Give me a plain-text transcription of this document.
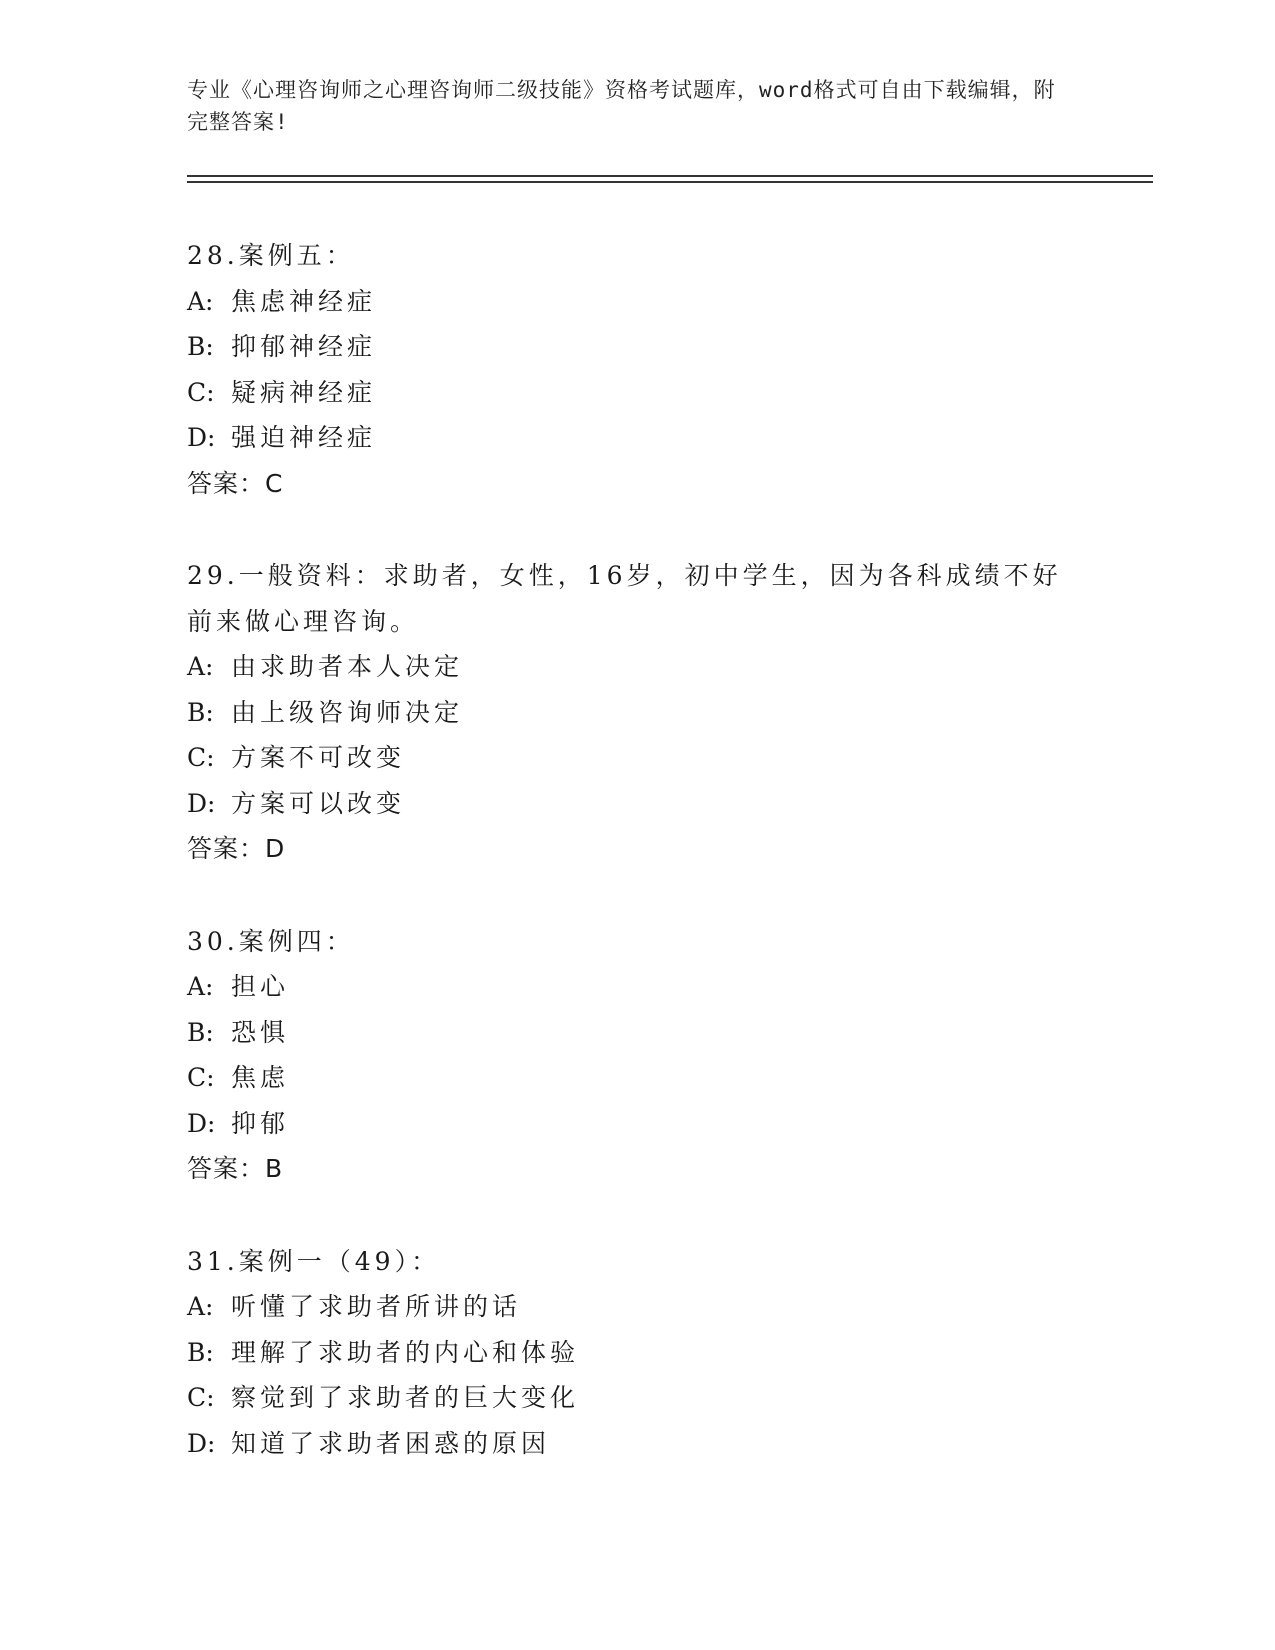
专业《心理咨询师之心理咨询师二级技能》资格考试题库，word格式可自由下载编辑，附完整答案!
28.案例五：
A: 焦虑神经症
B: 抑郁神经症
C: 疑病神经症
D: 强迫神经症
答案：C
29.一般资料：求助者，女性，16岁，初中学生，因为各科成绩不好前来做心理咨询。
A: 由求助者本人决定
B: 由上级咨询师决定
C: 方案不可改变
D: 方案可以改变
答案：D
30.案例四：
A: 担心
B: 恐惧
C: 焦虑
D: 抑郁
答案：B
31.案例一（49）：
A: 听懂了求助者所讲的话
B: 理解了求助者的内心和体验
C: 察觉到了求助者的巨大变化
D: 知道了求助者困惑的原因
